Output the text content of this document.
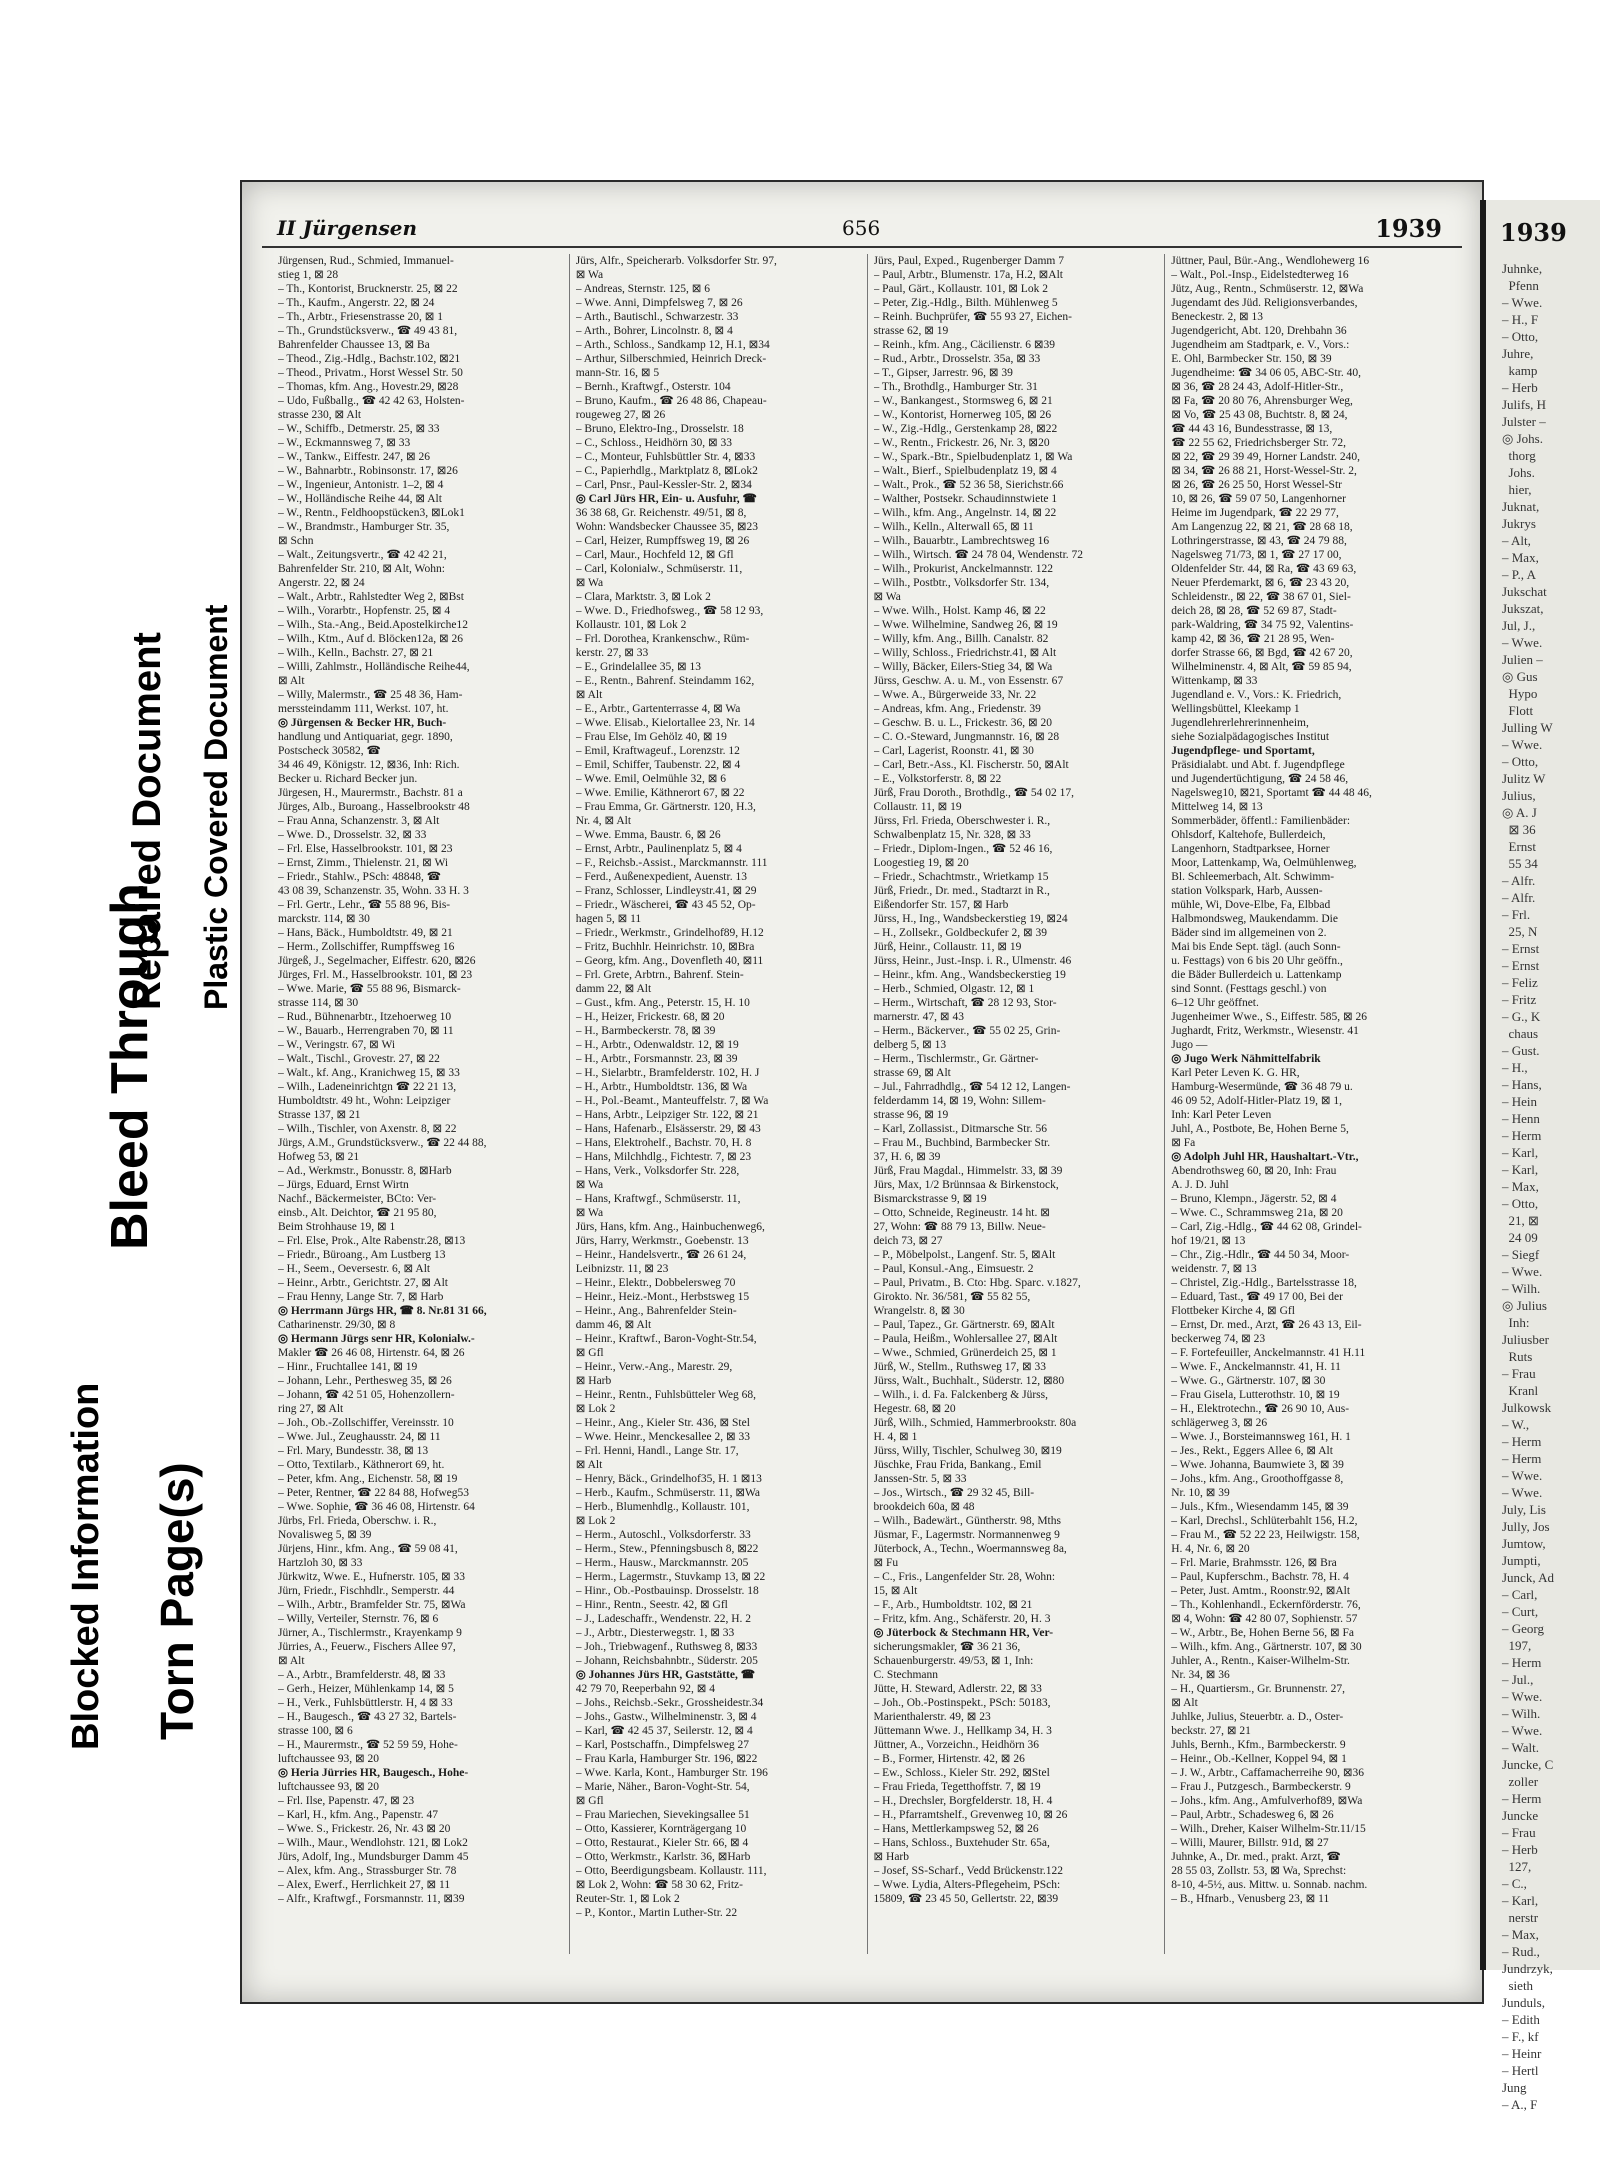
Blocked Information
Bleed Through
Torn Page(s)
Repaired Document Plastic Covered Document
II Jürgensen	656	1939
Jürgensen, Rud., Schmied, Immanuel-
stieg 1, ⊠ 28
– Th., Kontorist, Brucknerstr. 25, ⊠ 22
– Th., Kaufm., Angerstr. 22, ⊠ 24
– Th., Arbtr., Friesenstrasse 20, ⊠ 1
– Th., Grundstücksverw., ☎ 49 43 81,
Bahrenfelder Chaussee 13, ⊠ Ba
– Theod., Zig.-Hdlg., Bachstr.102, ⊠21
– Theod., Privatm., Horst Wessel Str. 50
– Thomas, kfm. Ang., Hovestr.29, ⊠28
– Udo, Fußballg., ☎ 42 42 63, Holsten-
strasse 230, ⊠ Alt
– W., Schiffb., Detmerstr. 25, ⊠ 33
– W., Eckmannsweg 7, ⊠ 33
– W., Tankw., Eiffestr. 247, ⊠ 26
– W., Bahnarbtr., Robinsonstr. 17, ⊠26
– W., Ingenieur, Antonistr. 1–2, ⊠ 4
– W., Holländische Reihe 44, ⊠ Alt
– W., Rentn., Feldhoopstücken3, ⊠Lok1
– W., Brandmstr., Hamburger Str. 35,
⊠ Schn
– Walt., Zeitungsvertr., ☎ 42 42 21,
Bahrenfelder Str. 210, ⊠ Alt, Wohn:
Angerstr. 22, ⊠ 24
– Walt., Arbtr., Rahlstedter Weg 2, ⊠Bst
– Wilh., Vorarbtr., Hopfenstr. 25, ⊠ 4
– Wilh., Sta.-Ang., Beid.Apostelkirche12
– Wilh., Ktm., Auf d. Blöcken12a, ⊠ 26
– Wilh., Kelln., Bachstr. 27, ⊠ 21
– Willi, Zahlmstr., Holländische Reihe44,
⊠ Alt
– Willy, Malermstr., ☎ 25 48 36, Ham-
merssteindamm 111, Werkst. 107, ht.
◎ Jürgensen & Becker HR, Buch-
handlung und Antiquariat, gegr. 1890,
Postscheck 30582, ☎
34 46 49, Königstr. 12, ⊠36, Inh: Rich.
Becker u. Richard Becker jun.
Jürgesen, H., Maurermstr., Bachstr. 81 a
Jürges, Alb., Buroang., Hasselbrookstr 48
– Frau Anna, Schanzenstr. 3, ⊠ Alt
– Wwe. D., Drosselstr. 32, ⊠ 33
– Frl. Else, Hasselbrookstr. 101, ⊠ 23
– Ernst, Zimm., Thielenstr. 21, ⊠ Wi
– Friedr., Stahlw., PSch: 48848, ☎
43 08 39, Schanzenstr. 35, Wohn. 33 H. 3
– Frl. Gertr., Lehr., ☎ 55 88 96, Bis-
marckstr. 114, ⊠ 30
– Hans, Bäck., Humboldtstr. 49, ⊠ 21
– Herm., Zollschiffer, Rumpffsweg 16
Jürgeß, J., Segelmacher, Eiffestr. 620, ⊠26
Jürges, Frl. M., Hasselbrookstr. 101, ⊠ 23
– Wwe. Marie, ☎ 55 88 96, Bismarck-
strasse 114, ⊠ 30
– Rud., Bühnenarbtr., Itzehoerweg 10
– W., Bauarb., Herrengraben 70, ⊠ 11
– W., Veringstr. 67, ⊠ Wi
– Walt., Tischl., Grovestr. 27, ⊠ 22
– Walt., kf. Ang., Kranichweg 15, ⊠ 33
– Wilh., Ladeneinrichtgn ☎ 22 21 13,
Humboldtstr. 49 ht., Wohn: Leipziger
Strasse 137, ⊠ 21
– Wilh., Tischler, von Axenstr. 8, ⊠ 22
Jürgs, A.M., Grundstücksverw., ☎ 22 44 88,
Hofweg 53, ⊠ 21
– Ad., Werkmstr., Bonusstr. 8, ⊠Harb
– Jürgs, Eduard, Ernst Wirtn
Nachf., Bäckermeister, BCto: Ver-
einsb., Alt. Deichtor, ☎ 21 95 80,
Beim Strohhause 19, ⊠ 1
– Frl. Else, Prok., Alte Rabenstr.28, ⊠13
– Friedr., Büroang., Am Lustberg 13
– H., Seem., Oeversestr. 6, ⊠ Alt
– Heinr., Arbtr., Gerichtstr. 27, ⊠ Alt
– Frau Henny, Lange Str. 7, ⊠ Harb
◎ Herrmann Jürgs HR, ☎ 8. Nr.81 31 66,
Catharinenstr. 29/30, ⊠ 8
◎ Hermann Jürgs senr HR, Kolonialw.-
Makler ☎ 26 46 08, Hirtenstr. 64, ⊠ 26
– Hinr., Fruchtallee 141, ⊠ 19
– Johann, Lehr., Perthesweg 35, ⊠ 26
– Johann, ☎ 42 51 05, Hohenzollern-
ring 27, ⊠ Alt
– Joh., Ob.-Zollschiffer, Vereinsstr. 10
– Wwe. Jul., Zeughausstr. 24, ⊠ 11
– Frl. Mary, Bundesstr. 38, ⊠ 13
– Otto, Textilarb., Käthnerort 69, ht.
– Peter, kfm. Ang., Eichenstr. 58, ⊠ 19
– Peter, Rentner, ☎ 22 84 88, Hofweg53
– Wwe. Sophie, ☎ 36 46 08, Hirtenstr. 64
Jürbs, Frl. Frieda, Oberschw. i. R.,
Novalisweg 5, ⊠ 39
Jürjens, Hinr., kfm. Ang., ☎ 59 08 41,
Hartzloh 30, ⊠ 33
Jürkwitz, Wwe. E., Hufnerstr. 105, ⊠ 33
Jürn, Friedr., Fischhdlr., Semperstr. 44
– Wilh., Arbtr., Bramfelder Str. 75, ⊠Wa
– Willy, Verteiler, Sternstr. 76, ⊠ 6
Jürner, A., Tischlermstr., Krayenkamp 9
Jürries, A., Feuerw., Fischers Allee 97,
⊠ Alt
– A., Arbtr., Bramfelderstr. 48, ⊠ 33
– Gerh., Heizer, Mühlenkamp 14, ⊠ 5
– H., Verk., Fuhlsbüttlerstr. H, 4 ⊠ 33
– H., Baugesch., ☎ 43 27 32, Bartels-
strasse 100, ⊠ 6
– H., Maurermstr., ☎ 52 59 59, Hohe-
luftchaussee 93, ⊠ 20
◎ Heria Jürries HR, Baugesch., Hohe-
luftchaussee 93, ⊠ 20
– Frl. Ilse, Papenstr. 47, ⊠ 23
– Karl, H., kfm. Ang., Papenstr. 47
– Wwe. S., Frickestr. 26, Nr. 43 ⊠ 20
– Wilh., Maur., Wendlohstr. 121, ⊠ Lok2
Jürs, Adolf, Ing., Mundsburger Damm 45
– Alex, kfm. Ang., Strassburger Str. 78
– Alex, Ewerf., Herrlichkeit 27, ⊠ 11
– Alfr., Kraftwgf., Forsmannstr. 11, ⊠39
Jürs, Alfr., Speicherarb. Volksdorfer Str. 97,
⊠ Wa
– Andreas, Sternstr. 125, ⊠ 6
– Wwe. Anni, Dimpfelsweg 7, ⊠ 26
– Arth., Bautischl., Schwarzestr. 33
– Arth., Bohrer, Lincolnstr. 8, ⊠ 4
– Arth., Schloss., Sandkamp 12, H.1, ⊠34
– Arthur, Silberschmied, Heinrich Dreck-
mann-Str. 16, ⊠ 5
– Bernh., Kraftwgf., Osterstr. 104
– Bruno, Kaufm., ☎ 26 48 86, Chapeau-
rougeweg 27, ⊠ 26
– Bruno, Elektro-Ing., Drosselstr. 18
– C., Schloss., Heidhörn 30, ⊠ 33
– C., Monteur, Fuhlsbüttler Str. 4, ⊠33
– C., Papierhdlg., Marktplatz 8, ⊠Lok2
– Carl, Pnsr., Paul-Kessler-Str. 2, ⊠34
◎ Carl Jürs HR, Ein- u. Ausfuhr, ☎
36 38 68, Gr. Reichenstr. 49/51, ⊠ 8,
Wohn: Wandsbecker Chaussee 35, ⊠23
– Carl, Heizer, Rumpffsweg 19, ⊠ 26
– Carl, Maur., Hochfeld 12, ⊠ Gfl
– Carl, Kolonialw., Schmüserstr. 11,
⊠ Wa
– Clara, Marktstr. 3, ⊠ Lok 2
– Wwe. D., Friedhofsweg., ☎ 58 12 93,
Kollaustr. 101, ⊠ Lok 2
– Frl. Dorothea, Krankenschw., Rüm-
kerstr. 27, ⊠ 33
– E., Grindelallee 35, ⊠ 13
– E., Rentn., Bahrenf. Steindamm 162,
⊠ Alt
– E., Arbtr., Gartenterrasse 4, ⊠ Wa
– Wwe. Elisab., Kielortallee 23, Nr. 14
– Frau Else, Im Gehölz 40, ⊠ 19
– Emil, Kraftwageuf., Lorenzstr. 12
– Emil, Schiffer, Taubenstr. 22, ⊠ 4
– Wwe. Emil, Oelmühle 32, ⊠ 6
– Wwe. Emilie, Käthnerort 67, ⊠ 22
– Frau Emma, Gr. Gärtnerstr. 120, H.3,
Nr. 4, ⊠ Alt
– Wwe. Emma, Baustr. 6, ⊠ 26
– Ernst, Arbtr., Paulinenplatz 5, ⊠ 4
– F., Reichsb.-Assist., Marckmannstr. 111
– Ferd., Außenexpedient, Auenstr. 13
– Franz, Schlosser, Lindleystr.41, ⊠ 29
– Friedr., Wäscherei, ☎ 43 45 52, Op-
hagen 5, ⊠ 11
– Friedr., Werkmstr., Grindelhof89, H.12
– Fritz, Buchhlr. Heinrichstr. 10, ⊠Bra
– Georg, kfm. Ang., Dovenfleth 40, ⊠11
– Frl. Grete, Arbtrn., Bahrenf. Stein-
damm 22, ⊠ Alt
– Gust., kfm. Ang., Peterstr. 15, H. 10
– H., Heizer, Frickestr. 68, ⊠ 20
– H., Barmbeckerstr. 78, ⊠ 39
– H., Arbtr., Odenwaldstr. 12, ⊠ 19
– H., Arbtr., Forsmannstr. 23, ⊠ 39
– H., Sielarbtr., Bramfelderstr. 102, H. J
– H., Arbtr., Humboldtstr. 136, ⊠ Wa
– H., Pol.-Beamt., Manteuffelstr. 7, ⊠ Wa
– Hans, Arbtr., Leipziger Str. 122, ⊠ 21
– Hans, Hafenarb., Elsässerstr. 29, ⊠ 43
– Hans, Elektrohelf., Bachstr. 70, H. 8
– Hans, Milchhdlg., Fichtestr. 7, ⊠ 23
– Hans, Verk., Volksdorfer Str. 228,
⊠ Wa
– Hans, Kraftwgf., Schmüserstr. 11,
⊠ Wa
Jürs, Hans, kfm. Ang., Hainbuchenweg6,
Jürs, Harry, Werkmstr., Goebenstr. 13
– Heinr., Handelsvertr., ☎ 26 61 24,
Leibnizstr. 11, ⊠ 23
– Heinr., Elektr., Dobbelersweg 70
– Heinr., Heiz.-Mont., Herbstsweg 15
– Heinr., Ang., Bahrenfelder Stein-
damm 46, ⊠ Alt
– Heinr., Kraftwf., Baron-Voght-Str.54,
⊠ Gfl
– Heinr., Verw.-Ang., Marestr. 29,
⊠ Harb
– Heinr., Rentn., Fuhlsbütteler Weg 68,
⊠ Lok 2
– Heinr., Ang., Kieler Str. 436, ⊠ Stel
– Wwe. Heinr., Menckesallee 2, ⊠ 33
– Frl. Henni, Handl., Lange Str. 17,
⊠ Alt
– Henry, Bäck., Grindelhof35, H. 1 ⊠13
– Herb., Kaufm., Schmüserstr. 11, ⊠Wa
– Herb., Blumenhdlg., Kollaustr. 101,
⊠ Lok 2
– Herm., Autoschl., Volksdorferstr. 33
– Herm., Stew., Pfenningsbusch 8, ⊠22
– Herm., Hausw., Marckmannstr. 205
– Herm., Lagermstr., Stuvkamp 13, ⊠ 22
– Hinr., Ob.-Postbauinsp. Drosselstr. 18
– Hinr., Rentn., Seestr. 42, ⊠ Gfl
– J., Ladeschaffr., Wendenstr. 22, H. 2
– J., Arbtr., Diesterwegstr. 1, ⊠ 33
– Joh., Triebwagenf., Ruthsweg 8, ⊠33
– Johann, Reichsbahnbtr., Süderstr. 205
◎ Johannes Jürs HR, Gaststätte, ☎
42 79 70, Reeperbahn 92, ⊠ 4
– Johs., Reichsb.-Sekr., Grossheidestr.34
– Johs., Gastw., Wilhelminenstr. 3, ⊠ 4
– Karl, ☎ 42 45 37, Seilerstr. 12, ⊠ 4
– Karl, Postschaffn., Dimpfelsweg 27
– Frau Karla, Hamburger Str. 196, ⊠22
– Wwe. Karla, Kont., Hamburger Str. 196
– Marie, Näher., Baron-Voght-Str. 54,
⊠ Gfl
– Frau Mariechen, Sievekingsallee 51
– Otto, Kassierer, Kornträgergang 10
– Otto, Restaurat., Kieler Str. 66, ⊠ 4
– Otto, Werkmstr., Karlstr. 36, ⊠Harb
– Otto, Beerdigungsbeam. Kollaustr. 111,
⊠ Lok 2, Wohn: ☎ 58 30 62, Fritz-
Reuter-Str. 1, ⊠ Lok 2
– P., Kontor., Martin Luther-Str. 22
Jürs, Paul, Exped., Rugenberger Damm 7
– Paul, Arbtr., Blumenstr. 17a, H.2, ⊠Alt
– Paul, Gärt., Kollaustr. 101, ⊠ Lok 2
– Peter, Zig.-Hdlg., Bilth. Mühlenweg 5
– Reinh. Buchprüfer, ☎ 55 93 27, Eichen-
strasse 62, ⊠ 19
– Reinh., kfm. Ang., Cäcilienstr. 6 ⊠39
– Rud., Arbtr., Drosselstr. 35a, ⊠ 33
– T., Gipser, Jarrestr. 96, ⊠ 39
– Th., Brothdlg., Hamburger Str. 31
– W., Bankangest., Stormsweg 6, ⊠ 21
– W., Kontorist, Hornerweg 105, ⊠ 26
– W., Zig.-Hdlg., Gerstenkamp 28, ⊠22
– W., Rentn., Frickestr. 26, Nr. 3, ⊠20
– W., Spark.-Btr., Spielbudenplatz 1, ⊠ Wa
– Walt., Bierf., Spielbudenplatz 19, ⊠ 4
– Walt., Prok., ☎ 52 36 58, Sierichstr.66
– Walther, Postsekr. Schaudinnstwiete 1
– Wilh., kfm. Ang., Angelnstr. 14, ⊠ 22
– Wilh., Kelln., Alterwall 65, ⊠ 11
– Wilh., Bauarbtr., Lambrechtsweg 16
– Wilh., Wirtsch. ☎ 24 78 04, Wendenstr. 72
– Wilh., Prokurist, Anckelmannstr. 122
– Wilh., Postbtr., Volksdorfer Str. 134,
⊠ Wa
– Wwe. Wilh., Holst. Kamp 46, ⊠ 22
– Wwe. Wilhelmine, Sandweg 26, ⊠ 19
– Willy, kfm. Ang., Billh. Canalstr. 82
– Willy, Schloss., Friedrichstr.41, ⊠ Alt
– Willy, Bäcker, Eilers-Stieg 34, ⊠ Wa
Jürss, Geschw. A. u. M., von Essenstr. 67
– Wwe. A., Bürgerweide 33, Nr. 22
– Andreas, kfm. Ang., Friedenstr. 39
– Geschw. B. u. L., Frickestr. 36, ⊠ 20
– C. O.-Steward, Jungmannstr. 16, ⊠ 28
– Carl, Lagerist, Roonstr. 41, ⊠ 30
– Carl, Betr.-Ass., Kl. Fischerstr. 50, ⊠Alt
– E., Volkstorferstr. 8, ⊠ 22
Jürß, Frau Doroth., Brothdlg., ☎ 54 02 17,
Collaustr. 11, ⊠ 19
Jürss, Frl. Frieda, Oberschwester i. R.,
Schwalbenplatz 15, Nr. 328, ⊠ 33
– Friedr., Diplom-Ingen., ☎ 52 46 16,
Loogestieg 19, ⊠ 20
– Friedr., Schachtmstr., Wrietkamp 15
Jürß, Friedr., Dr. med., Stadtarzt in R.,
Eißendorfer Str. 157, ⊠ Harb
Jürss, H., Ing., Wandsbeckerstieg 19, ⊠24
– H., Zollsekr., Goldbeckufer 2, ⊠ 39
Jürß, Heinr., Collaustr. 11, ⊠ 19
Jürss, Heinr., Just.-Insp. i. R., Ulmenstr. 46
– Heinr., kfm. Ang., Wandsbeckerstieg 19
– Herb., Schmied, Olgastr. 12, ⊠ 1
– Herm., Wirtschaft, ☎ 28 12 93, Stor-
marnerstr. 47, ⊠ 43
– Herm., Bäckerver., ☎ 55 02 25, Grin-
delberg 5, ⊠ 13
– Herm., Tischlermstr., Gr. Gärtner-
strasse 69, ⊠ Alt
– Jul., Fahrradhdlg., ☎ 54 12 12, Langen-
felderdamm 14, ⊠ 19, Wohn: Sillem-
strasse 96, ⊠ 19
– Karl, Zollassist., Ditmarsche Str. 56
– Frau M., Buchbind, Barmbecker Str.
37, H. 6, ⊠ 39
Jürß, Frau Magdal., Himmelstr. 33, ⊠ 39
Jürs, Max, 1/2 Brünnsaa & Birkenstock,
Bismarckstrasse 9, ⊠ 19
– Otto, Schneide, Regineustr. 14 ht. ⊠
27, Wohn: ☎ 88 79 13, Billw. Neue-
deich 73, ⊠ 27
– P., Möbelpolst., Langenf. Str. 5, ⊠Alt
– Paul, Konsul.-Ang., Eimsuestr. 2
– Paul, Privatm., B. Cto: Hbg. Sparc. v.1827,
Girokto. Nr. 36/581, ☎ 55 82 55,
Wrangelstr. 8, ⊠ 30
– Paul, Tapez., Gr. Gärtnerstr. 69, ⊠Alt
– Paula, Heißm., Wohlersallee 27, ⊠Alt
– Wwe., Schmied, Grünerdeich 25, ⊠ 1
Jürß, W., Stellm., Ruthsweg 17, ⊠ 33
Jürss, Walt., Buchhalt., Süderstr. 12, ⊠80
– Wilh., i. d. Fa. Falckenberg & Jürss,
Hegestr. 68, ⊠ 20
Jürß, Wilh., Schmied, Hammerbrookstr. 80a
H. 4, ⊠ 1
Jürss, Willy, Tischler, Schulweg 30, ⊠19
Jüschke, Frau Frida, Bankang., Emil
Janssen-Str. 5, ⊠ 33
– Jos., Wirtsch., ☎ 29 32 45, Bill-
brookdeich 60a, ⊠ 48
– Wilh., Badewärt., Güntherstr. 98, Mths
Jüsmar, F., Lagermstr. Normannenweg 9
Jüterbock, A., Techn., Woermannsweg 8a,
⊠ Fu
– C., Fris., Langenfelder Str. 28, Wohn:
15, ⊠ Alt
– F., Arb., Humboldtstr. 102, ⊠ 21
– Fritz, kfm. Ang., Schäferstr. 20, H. 3
◎ Jüterbock & Stechmann HR, Ver-
sicherungsmakler, ☎ 36 21 36,
Schauenburgerstr. 49/53, ⊠ 1, Inh:
C. Stechmann
Jütte, H. Steward, Adlerstr. 22, ⊠ 33
– Joh., Ob.-Postinspekt., PSch: 50183,
Marienthalerstr. 49, ⊠ 23
Jüttemann Wwe. J., Hellkamp 34, H. 3
Jüttner, A., Vorzeichn., Heidhörn 36
– B., Former, Hirtenstr. 42, ⊠ 26
– Ew., Schloss., Kieler Str. 292, ⊠Stel
– Frau Frieda, Tegetthoffstr. 7, ⊠ 19
– H., Drechsler, Borgfelderstr. 18, H. 4
– H., Pfarramtshelf., Grevenweg 10, ⊠ 26
– Hans, Mettlerkampsweg 52, ⊠ 26
– Hans, Schloss., Buxtehuder Str. 65a,
⊠ Harb
– Josef, SS-Scharf., Vedd Brückenstr.122
– Wwe. Lydia, Alters-Pflegeheim, PSch:
15809, ☎ 23 45 50, Gellertstr. 22, ⊠39
Jüttner, Paul, Bür.-Ang., Wendlohewerg 16
– Walt., Pol.-Insp., Eidelstedterweg 16
Jütz, Aug., Rentn., Schmüserstr. 12, ⊠Wa
Jugendamt des Jüd. Religionsverbandes,
Beneckestr. 2, ⊠ 13
Jugendgericht, Abt. 120, Drehbahn 36
Jugendheim am Stadtpark, e. V., Vors.:
E. Ohl, Barmbecker Str. 150, ⊠ 39
Jugendheime: ☎ 34 06 05, ABC-Str. 40,
⊠ 36, ☎ 28 24 43, Adolf-Hitler-Str.,
⊠ Fa, ☎ 20 80 76, Ahrensburger Weg,
⊠ Vo, ☎ 25 43 08, Buchtstr. 8, ⊠ 24,
☎ 44 43 16, Bundesstrasse, ⊠ 13,
☎ 22 55 62, Friedrichsberger Str. 72,
⊠ 22, ☎ 29 39 49, Horner Landstr. 240,
⊠ 34, ☎ 26 88 21, Horst-Wessel-Str. 2,
⊠ 26, ☎ 26 25 50, Horst Wessel-Str
10, ⊠ 26, ☎ 59 07 50, Langenhorner
Heime im Jugendpark, ☎ 22 29 77,
Am Langenzug 22, ⊠ 21, ☎ 28 68 18,
Lothringerstrasse, ⊠ 43, ☎ 24 79 88,
Nagelsweg 71/73, ⊠ 1, ☎ 27 17 00,
Oldenfelder Str. 44, ⊠ Ra, ☎ 43 69 63,
Neuer Pferdemarkt, ⊠ 6, ☎ 23 43 20,
Schleidenstr., ⊠ 22, ☎ 38 67 01, Siel-
deich 28, ⊠ 28, ☎ 52 69 87, Stadt-
park-Waldring, ☎ 34 75 92, Valentins-
kamp 42, ⊠ 36, ☎ 21 28 95, Wen-
dorfer Strasse 66, ⊠ Bgd, ☎ 42 67 20,
Wilhelminenstr. 4, ⊠ Alt, ☎ 59 85 94,
Wittenkamp, ⊠ 33
Jugendland e. V., Vors.: K. Friedrich,
Wellingsbüttel, Kleekamp 1
Jugendlehrerlehrerinnenheim,
siehe Sozialpädagogisches Institut
Jugendpflege- und Sportamt,
Präsidialabt. und Abt. f. Jugendpflege
und Jugendertüchtigung, ☎ 24 58 46,
Nagelsweg10, ⊠21, Sportamt ☎ 44 48 46,
Mittelweg 14, ⊠ 13
Sommerbäder, öffentl.: Familienbäder:
Ohlsdorf, Kaltehofe, Bullerdeich,
Langenhorn, Stadtparksee, Horner
Moor, Lattenkamp, Wa, Oelmühlenweg,
Bl. Schleemerbach, Alt. Schwimm-
station Volkspark, Harb, Aussen-
mühle, Wi, Dove-Elbe, Fa, Elbbad
Halbmondsweg, Maukendamm. Die
Bäder sind im allgemeinen von 2.
Mai bis Ende Sept. tägl. (auch Sonn-
u. Festtags) von 6 bis 20 Uhr geöffn.,
die Bäder Bullerdeich u. Lattenkamp
sind Sonnt. (Festtags geschl.) von
6–12 Uhr geöffnet.
Jugenheimer Wwe., S., Eiffestr. 585, ⊠ 26
Jughardt, Fritz, Werkmstr., Wiesenstr. 41
Jugo —
◎ Jugo Werk Nähmittelfabrik
Karl Peter Leven K. G. HR,
Hamburg-Wesermünde, ☎ 36 48 79 u.
46 09 52, Adolf-Hitler-Platz 19, ⊠ 1,
Inh: Karl Peter Leven
Juhl, A., Postbote, Be, Hohen Berne 5,
⊠ Fa
◎ Adolph Juhl HR, Haushaltart.-Vtr.,
Abendrothsweg 60, ⊠ 20, Inh: Frau
A. J. D. Juhl
– Bruno, Klempn., Jägerstr. 52, ⊠ 4
– Wwe. C., Schrammsweg 21a, ⊠ 20
– Carl, Zig.-Hdlg., ☎ 44 62 08, Grindel-
hof 19/21, ⊠ 13
– Chr., Zig.-Hdlr., ☎ 44 50 34, Moor-
weidenstr. 7, ⊠ 13
– Christel, Zig.-Hdlg., Bartelsstrasse 18,
– Eduard, Tast., ☎ 49 17 00, Bei der
Flottbeker Kirche 4, ⊠ Gfl
– Ernst, Dr. med., Arzt, ☎ 26 43 13, Eil-
beckerweg 74, ⊠ 23
– F. Fortefeuiller, Anckelmannstr. 41 H.11
– Wwe. F., Anckelmannstr. 41, H. 11
– Wwe. G., Gärtnerstr. 107, ⊠ 30
– Frau Gisela, Lutterothstr. 10, ⊠ 19
– H., Elektrotechn., ☎ 26 90 10, Aus-
schlägerweg 3, ⊠ 26
– Wwe. J., Borsteimannsweg 161, H. 1
– Jes., Rekt., Eggers Allee 6, ⊠ Alt
– Wwe. Johanna, Baumwiete 3, ⊠ 39
– Johs., kfm. Ang., Groothoffgasse 8,
Nr. 10, ⊠ 39
– Juls., Kfm., Wiesendamm 145, ⊠ 39
– Karl, Drechsl., Schlüterbahlt 156, H.2,
– Frau M., ☎ 52 22 23, Heilwigstr. 158,
H. 4, Nr. 6, ⊠ 20
– Frl. Marie, Brahmsstr. 126, ⊠ Bra
– Paul, Kupferschm., Bachstr. 78, H. 4
– Peter, Just. Amtm., Roonstr.92, ⊠Alt
– Th., Kohlenhandl., Eckernförderstr. 76,
⊠ 4, Wohn: ☎ 42 80 07, Sophienstr. 57
– W., Arbtr., Be, Hohen Berne 56, ⊠ Fa
– Wilh., kfm. Ang., Gärtnerstr. 107, ⊠ 30
Juhler, A., Rentn., Kaiser-Wilhelm-Str.
Nr. 34, ⊠ 36
– H., Quartiersm., Gr. Brunnenstr. 27,
⊠ Alt
Juhlke, Julius, Steuerbtr. a. D., Oster-
beckstr. 27, ⊠ 21
Juhls, Bernh., Kfm., Barmbeckerstr. 9
– Heinr., Ob.-Kellner, Koppel 94, ⊠ 1
– J. W., Arbtr., Caffamacherreihe 90, ⊠36
– Frau J., Putzgesch., Barmbeckerstr. 9
– Johs., kfm. Ang., Amfulverhof89, ⊠Wa
– Paul, Arbtr., Schadesweg 6, ⊠ 26
– Wilh., Dreher, Kaiser Wilhelm-Str.11/15
– Willi, Maurer, Billstr. 91d, ⊠ 27
Juhnke, A., Dr. med., prakt. Arzt, ☎
28 55 03, Zollstr. 53, ⊠ Wa, Sprechst:
8-10, 4-5½, aus. Mittw. u. Sonnab. nachm.
– B., Hfnarb., Venusberg 23, ⊠ 11
1939
Juhnke,
Pfenn
– Wwe.
– H., F
– Otto,
Juhre,
kamp
– Herb
Julifs, H
Julster –
◎ Johs.
thorg
Johs.
hier,
Juknat,
Jukrys
– Alt,
– Max,
– P., A
Jukschat
Jukszat,
Jul, J.,
– Wwe.
Julien –
◎ Gus
Hypo
Flott
Julling W
– Wwe.
– Otto,
Julitz W
Julius,
◎ A. J
⊠ 36
Ernst
55 34
– Alfr.
– Alfr.
– Frl.
25, N
– Ernst
– Ernst
– Feliz
– Fritz
– G., K
chaus
– Gust.
– H.,
– Hans,
– Hein
– Henn
– Herm
– Karl,
– Karl,
– Max,
– Otto,
21, ⊠
24 09
– Siegf
– Wwe.
– Wilh.
◎ Julius
Inh:
Juliusber
Ruts
– Frau
Kranl
Julkowsk
– W.,
– Herm
– Herm
– Wwe.
– Wwe.
July, Lis
Jully, Jos
Jumtow,
Jumpti,
Junck, Ad
– Carl,
– Curt,
– Georg
197,
– Herm
– Jul.,
– Wwe.
– Wilh.
– Wwe.
– Walt.
Juncke, C
zoller
– Herm
Juncke
– Frau
– Herb
127,
– C.,
– Karl,
nerstr
– Max,
– Rud.,
Jundrzyk,
sieth
Junduls,
– Edith
– F., kf
– Heinr
– Hertl
Jung
– A., F
